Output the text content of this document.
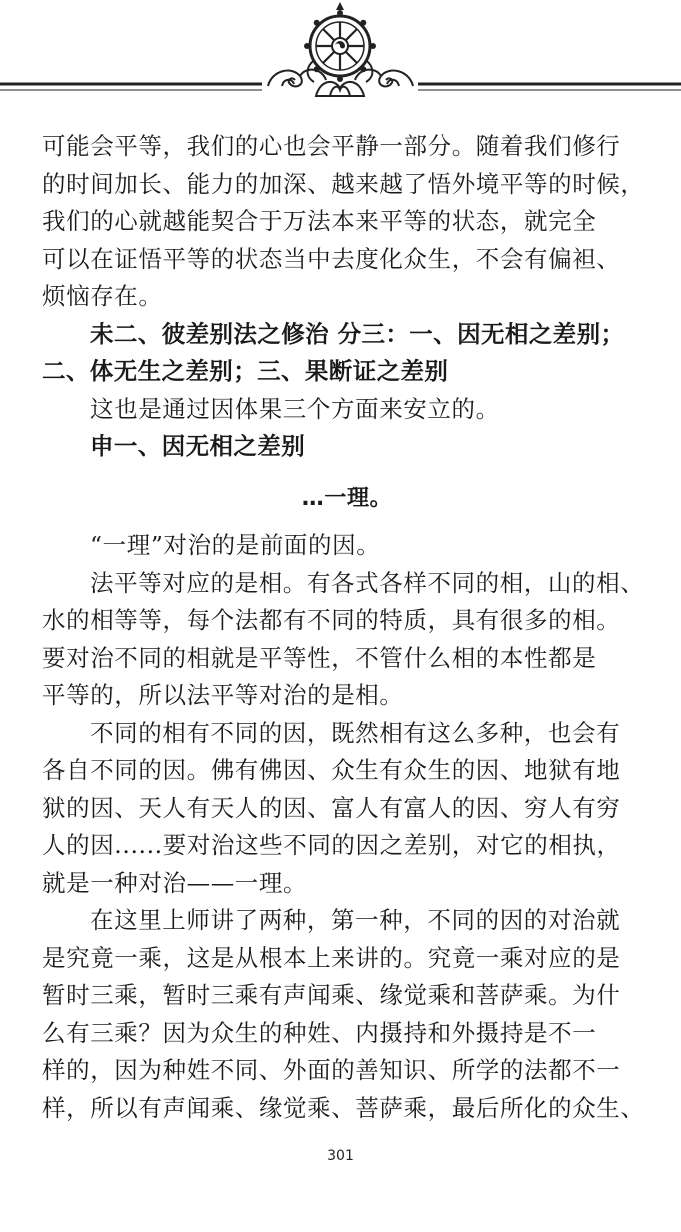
可能会平等，我们的心也会平静一部分。随着我们修行
的时间加长、能力的加深、越来越了悟外境平等的时候，
我们的心就越能契合于万法本来平等的状态，就完全
可以在证悟平等的状态当中去度化众生，不会有偏袒、
烦恼存在。
未二、彼差别法之修治 分三：一、因无相之差别；
二、体无生之差别；三、果断证之差别
这也是通过因体果三个方面来安立的。
申一、因无相之差别
…一理。
“一理”对治的是前面的因。
法平等对应的是相。有各式各样不同的相，山的相、
水的相等等，每个法都有不同的特质，具有很多的相。
要对治不同的相就是平等性，不管什么相的本性都是
平等的，所以法平等对治的是相。
不同的相有不同的因，既然相有这么多种，也会有
各自不同的因。佛有佛因、众生有众生的因、地狱有地
狱的因、天人有天人的因、富人有富人的因、穷人有穷
人的因......要对治这些不同的因之差别，对它的相执，
就是一种对治——一理。
在这里上师讲了两种，第一种，不同的因的对治就
是究竟一乘，这是从根本上来讲的。究竟一乘对应的是
暂时三乘，暂时三乘有声闻乘、缘觉乘和菩萨乘。为什
么有三乘？因为众生的种姓、内摄持和外摄持是不一
样的，因为种姓不同、外面的善知识、所学的法都不一
样，所以有声闻乘、缘觉乘、菩萨乘，最后所化的众生、
301
